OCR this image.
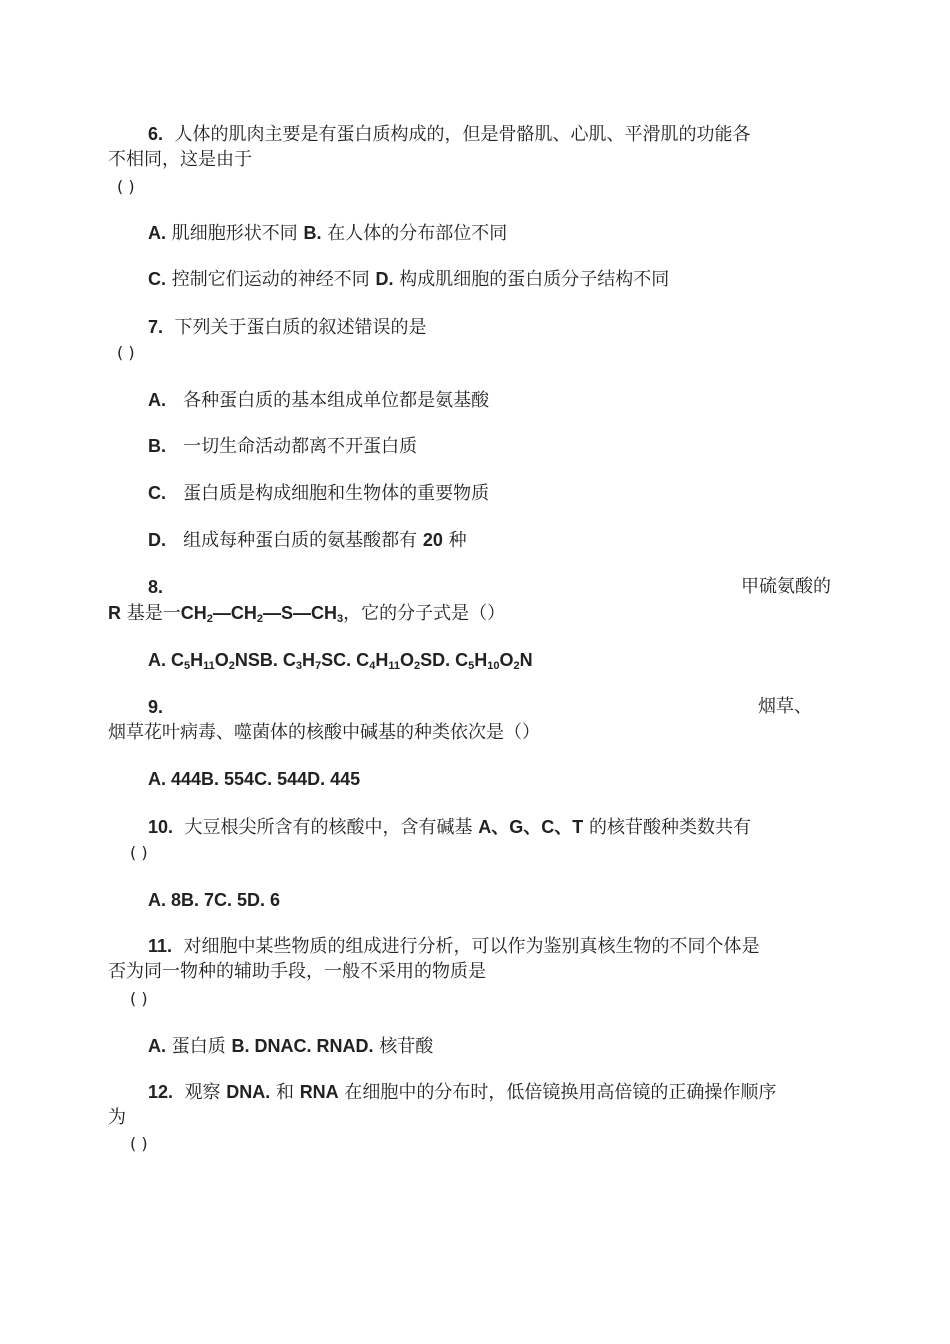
6. 人体的肌肉主要是有蛋白质构成的，但是骨骼肌、心肌、平滑肌的功能各
不相同，这是由于
( )
A. 肌细胞形状不同 B. 在人体的分布部位不同
C. 控制它们运动的神经不同 D. 构成肌细胞的蛋白质分子结构不同
7. 下列关于蛋白质的叙述错误的是
( )
A. 各种蛋白质的基本组成单位都是氨基酸
B. 一切生命活动都离不开蛋白质
C. 蛋白质是构成细胞和生物体的重要物质
D. 组成每种蛋白质的氨基酸都有 20 种
8.	甲硫氨酸的
R 基是一$CH_2—CH_2—S—CH_3$，它的分子式是（）
A. $C_5H_{11}O_2NSB$. $C_3H_7SC$. $C_4H_{11}O_2SD$. $C_5H_{10}O_2N$
9.	烟草、
烟草花叶病毒、噬菌体的核酸中碱基的种类依次是（）
A. 444B. 554C. 544D. 445
10. 大豆根尖所含有的核酸中，含有碱基 A、G、C、T 的核苷酸种类数共有
( )
A. 8B. 7C. 5D. 6
11. 对细胞中某些物质的组成进行分析，可以作为鉴别真核生物的不同个体是
否为同一物种的辅助手段，一般不采用的物质是
( )
A. 蛋白质 B. DNAC. RNAD. 核苷酸
12. 观察 DNA. 和 RNA 在细胞中的分布时，低倍镜换用高倍镜的正确操作顺序
为
( )
